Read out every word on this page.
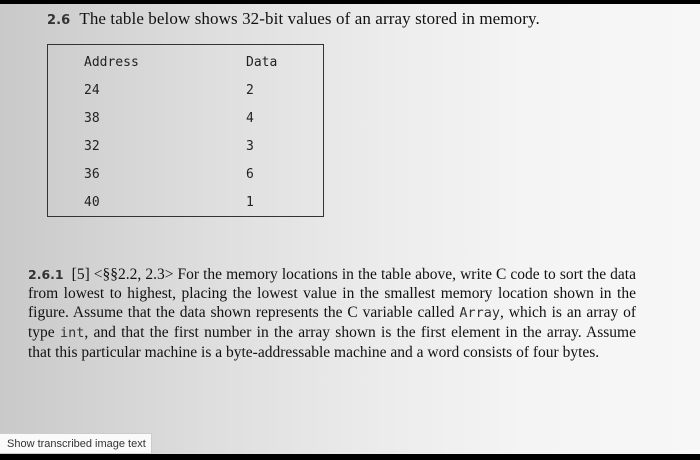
2.6 The table below shows 32-bit values of an array stored in memory.
Address	Data
24	2
38	4
32	3
36	6
40	1
2.6.1 [5] <§§2.2, 2.3> For the memory locations in the table above, write C code to sort the data from lowest to highest, placing the lowest value in the smallest memory location shown in the figure. Assume that the data shown represents the C variable called Array, which is an array of type int, and that the first number in the array shown is the first element in the array. Assume that this particular machine is a byte-addressable machine and a word consists of four bytes.
Show transcribed image text
